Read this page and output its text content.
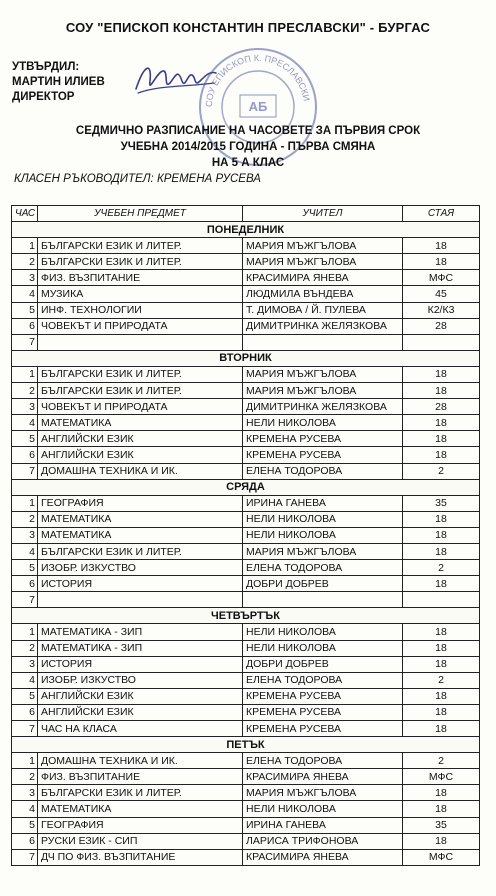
СОУ "ЕПИСКОП КОНСТАНТИН ПРЕСЛАВСКИ" - БУРГАС
УТВЪРДИЛ:
МАРТИН ИЛИЕВ
ДИРЕКТОР
СОУ ЕПИСКОП К. ПРЕСЛАВСКИ
АБ
СЕДМИЧНО РАЗПИСАНИЕ НА ЧАСОВЕТЕ ЗА ПЪРВИЯ СРОК
УЧЕБНА 2014/2015 ГОДИНА - ПЪРВА СМЯНА
НА 5 А КЛАС
КЛАСЕН РЪКОВОДИТЕЛ: КРЕМЕНА РУСЕВА
ЧАС	УЧЕБЕН ПРЕДМЕТ	УЧИТЕЛ	СТАЯ
ПОНЕДЕЛНИК			
1	БЪЛГАРСКИ ЕЗИК И ЛИТЕР.	МАРИЯ МЪЖГЪЛОВА	18
2	БЪЛГАРСКИ ЕЗИК И ЛИТЕР.	МАРИЯ МЪЖГЪЛОВА	18
3	ФИЗ. ВЪЗПИТАНИЕ	КРАСИМИРА ЯНЕВА	МФС
4	МУЗИКА	ЛЮДМИЛА ВЪНДЕВА	45
5	ИНФ. ТЕХНОЛОГИИ	Т. ДИМОВА / Й. ПУЛЕВА	К2/К3
6	ЧОВЕКЪТ И ПРИРОДАТА	ДИМИТРИНКА ЖЕЛЯЗКОВА	28
7			
ВТОРНИК			
1	БЪЛГАРСКИ ЕЗИК И ЛИТЕР.	МАРИЯ МЪЖГЪЛОВА	18
2	БЪЛГАРСКИ ЕЗИК И ЛИТЕР.	МАРИЯ МЪЖГЪЛОВА	18
3	ЧОВЕКЪТ И ПРИРОДАТА	ДИМИТРИНКА ЖЕЛЯЗКОВА	28
4	МАТЕМАТИКА	НЕЛИ НИКОЛОВА	18
5	АНГЛИЙСКИ ЕЗИК	КРЕМЕНА РУСЕВА	18
6	АНГЛИЙСКИ ЕЗИК	КРЕМЕНА РУСЕВА	18
7	ДОМАШНА ТЕХНИКА И ИК.	ЕЛЕНА ТОДОРОВА	2
СРЯДА			
1	ГЕОГРАФИЯ	ИРИНА ГАНЕВА	35
2	МАТЕМАТИКА	НЕЛИ НИКОЛОВА	18
3	МАТЕМАТИКА	НЕЛИ НИКОЛОВА	18
4	БЪЛГАРСКИ ЕЗИК И ЛИТЕР.	МАРИЯ МЪЖГЪЛОВА	18
5	ИЗОБР. ИЗКУСТВО	ЕЛЕНА ТОДОРОВА	2
6	ИСТОРИЯ	ДОБРИ ДОБРЕВ	18
7			
ЧЕТВЪРТЪК			
1	МАТЕМАТИКА - ЗИП	НЕЛИ НИКОЛОВА	18
2	МАТЕМАТИКА - ЗИП	НЕЛИ НИКОЛОВА	18
3	ИСТОРИЯ	ДОБРИ ДОБРЕВ	18
4	ИЗОБР. ИЗКУСТВО	ЕЛЕНА ТОДОРОВА	2
5	АНГЛИЙСКИ ЕЗИК	КРЕМЕНА РУСЕВА	18
6	АНГЛИЙСКИ ЕЗИК	КРЕМЕНА РУСЕВА	18
7	ЧАС НА КЛАСА	КРЕМЕНА РУСЕВА	18
ПЕТЪК			
1	ДОМАШНА ТЕХНИКА И ИК.	ЕЛЕНА ТОДОРОВА	2
2	ФИЗ. ВЪЗПИТАНИЕ	КРАСИМИРА ЯНЕВА	МФС
3	БЪЛГАРСКИ ЕЗИК И ЛИТЕР.	МАРИЯ МЪЖГЪЛОВА	18
4	МАТЕМАТИКА	НЕЛИ НИКОЛОВА	18
5	ГЕОГРАФИЯ	ИРИНА ГАНЕВА	35
6	РУСКИ ЕЗИК - СИП	ЛАРИСА ТРИФОНОВА	18
7	ДЧ ПО ФИЗ. ВЪЗПИТАНИЕ	КРАСИМИРА ЯНЕВА	МФС
